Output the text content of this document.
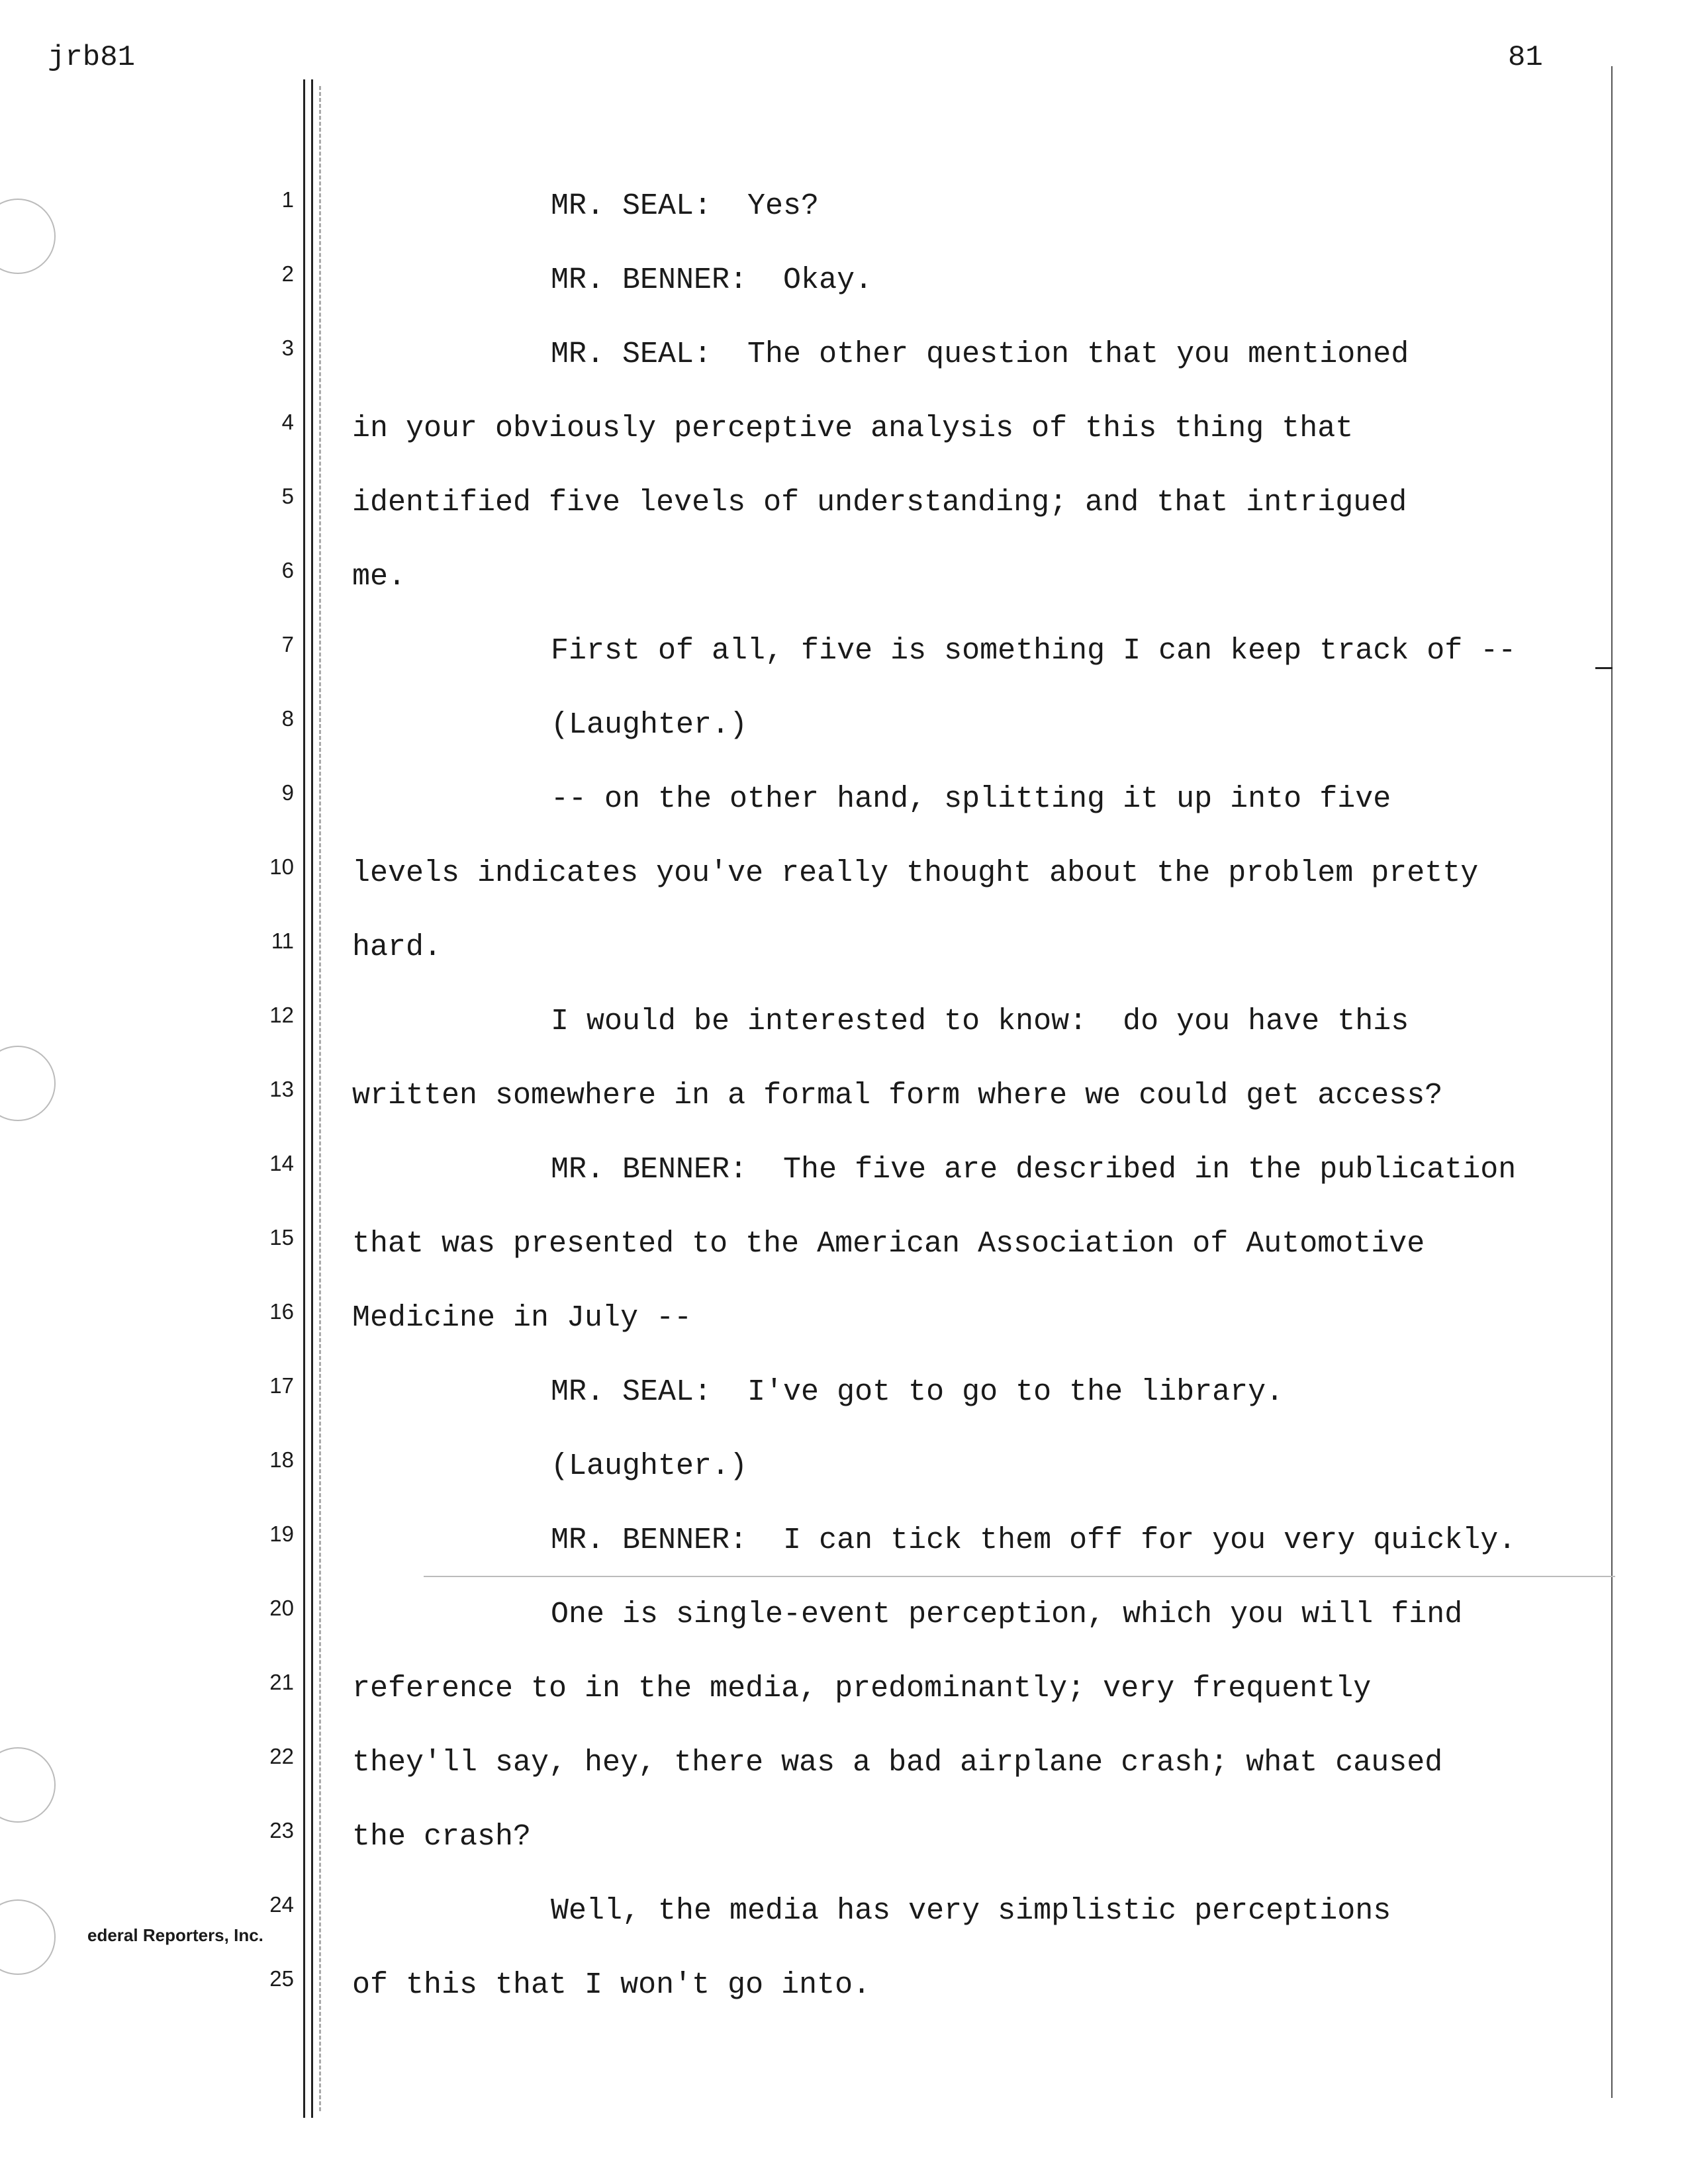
jrb81	81
1
2
3
4
5
6
7
8
9
10
11
12
13
14
15
16
17
18
19
20
21
22
23
24
25
MR. SEAL:  Yes?
MR. BENNER:  Okay.
MR. SEAL:  The other question that you mentioned
in your obviously perceptive analysis of this thing that
identified five levels of understanding; and that intrigued
me.
First of all, five is something I can keep track of --
(Laughter.)
-- on the other hand, splitting it up into five
levels indicates you've really thought about the problem pretty
hard.
I would be interested to know:  do you have this
written somewhere in a formal form where we could get access?
MR. BENNER:  The five are described in the publication
that was presented to the American Association of Automotive
Medicine in July --
MR. SEAL:  I've got to go to the library.
(Laughter.)
MR. BENNER:  I can tick them off for you very quickly.
One is single-event perception, which you will find
reference to in the media, predominantly; very frequently
they'll say, hey, there was a bad airplane crash; what caused
the crash?
Well, the media has very simplistic perceptions
of this that I won't go into.
ederal Reporters, Inc.
